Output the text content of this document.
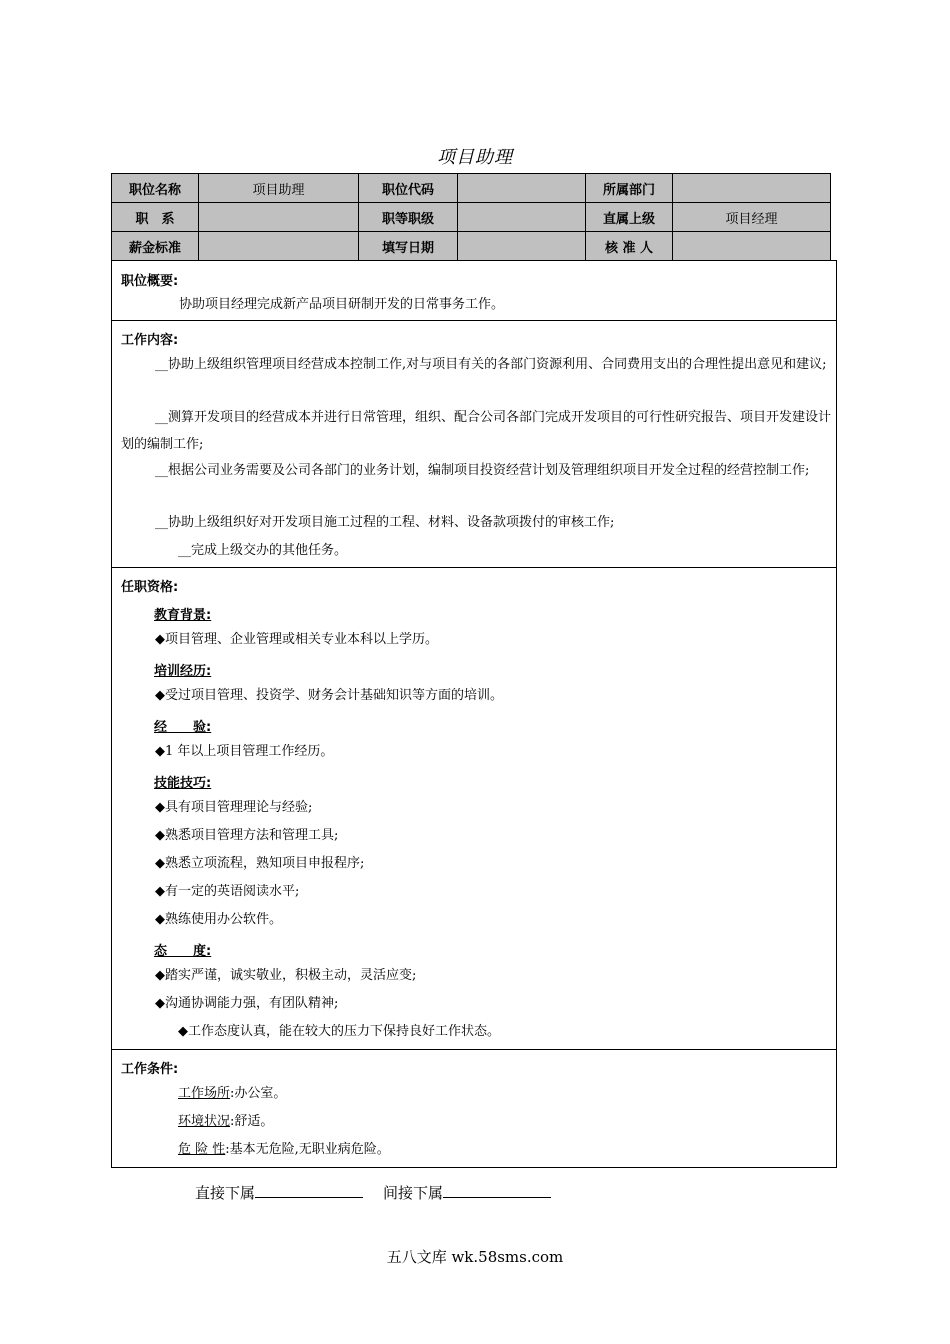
项目助理
职位名称	项目助理	职位代码		所属部门	
职　系		职等职级		直属上级	项目经理
薪金标准		填写日期		核 准 人	
职位概要:
协助项目经理完成新产品项目研制开发的日常事务工作。
工作内容:
__协助上级组织管理项目经营成本控制工作,对与项目有关的各部门资源利用、合同费用支出的合理性提出意见和建议;
__测算开发项目的经营成本并进行日常管理，组织、配合公司各部门完成开发项目的可行性研究报告、项目开发建设计划的编制工作;
__根据公司业务需要及公司各部门的业务计划，编制项目投资经营计划及管理组织项目开发全过程的经营控制工作;
__协助上级组织好对开发项目施工过程的工程、材料、设备款项拨付的审核工作;
__完成上级交办的其他任务。
任职资格:
教育背景:
◆项目管理、企业管理或相关专业本科以上学历。
培训经历:
◆受过项目管理、投资学、财务会计基础知识等方面的培训。
经　　验:
◆1 年以上项目管理工作经历。
技能技巧:
◆具有项目管理理论与经验;
◆熟悉项目管理方法和管理工具;
◆熟悉立项流程，熟知项目申报程序;
◆有一定的英语阅读水平;
◆熟练使用办公软件。
态　　度:
◆踏实严谨，诚实敬业，积极主动，灵活应变;
◆沟通协调能力强，有团队精神;
◆工作态度认真，能在较大的压力下保持良好工作状态。
工作条件:
工作场所:办公室。
环境状况:舒适。
危 险 性:基本无危险,无职业病危险。
直接下属	间接下属
五八文库 wk.58sms.com
